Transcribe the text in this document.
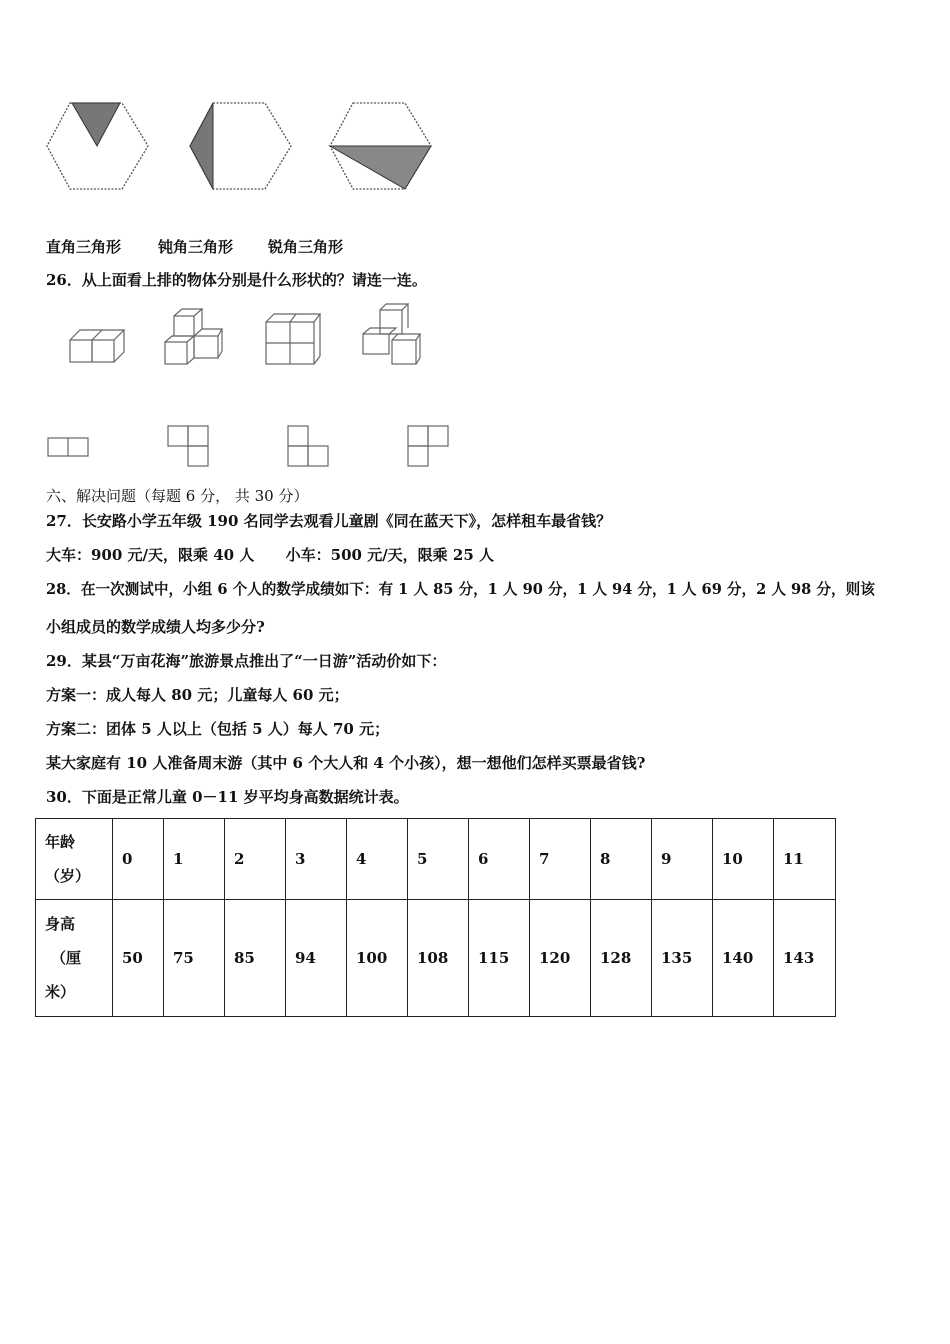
直角三角形 钝角三角形 锐角三角形
26．从上面看上排的物体分别是什么形状的？请连一连。
六、解决问题（每题 6 分， 共 30 分）
27．长安路小学五年级 190 名同学去观看儿童剧《同在蓝天下》，怎样租车最省钱？
大车：900 元/天，限乘 40 人      小车：500 元/天，限乘 25 人
28．在一次测试中，小组 6 个人的数学成绩如下：有 1 人 85 分，1 人 90 分，1 人 94 分，1 人 69 分，2 人 98 分，则该
小组成员的数学成绩人均多少分?
29．某县“万亩花海”旅游景点推出了“一日游”活动价如下：
方案一：成人每人 80 元；儿童每人 60 元；
方案二：团体 5 人以上（包括 5 人）每人 70 元；
某大家庭有 10 人准备周末游（其中 6 个大人和 4 个小孩），想一想他们怎样买票最省钱?
30．下面是正常儿童 0－11 岁平均身高数据统计表。
年龄
（岁）	0	1	2	3	4	5	6	7	8	9	10	11

身高
（厘
米）	50	75	85	94	100	108	115	120	128	135	140	143
